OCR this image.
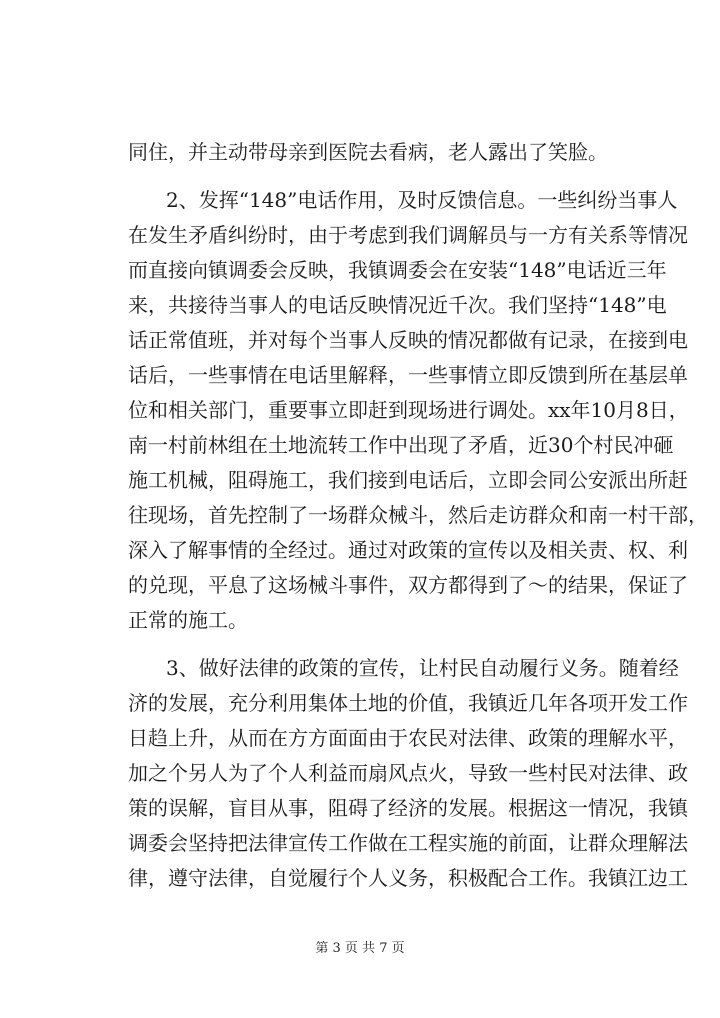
同住，并主动带母亲到医院去看病，老人露出了笑脸。
2、发挥“148”电话作用，及时反馈信息。一些纠纷当事人
在发生矛盾纠纷时，由于考虑到我们调解员与一方有关系等情况
而直接向镇调委会反映，我镇调委会在安装“148”电话近三年
来，共接待当事人的电话反映情况近千次。我们坚持“148”电
话正常值班，并对每个当事人反映的情况都做有记录，在接到电
话后，一些事情在电话里解释，一些事情立即反馈到所在基层单
位和相关部门，重要事立即赶到现场进行调处。xx年10月8日，
南一村前林组在土地流转工作中出现了矛盾，近30个村民冲砸
施工机械，阻碍施工，我们接到电话后，立即会同公安派出所赶
往现场，首先控制了一场群众械斗，然后走访群众和南一村干部，
深入了解事情的全经过。通过对政策的宣传以及相关责、权、利
的兑现，平息了这场械斗事件，双方都得到了～的结果，保证了
正常的施工。
3、做好法律的政策的宣传，让村民自动履行义务。随着经
济的发展，充分利用集体土地的价值，我镇近几年各项开发工作
日趋上升，从而在方方面面由于农民对法律、政策的理解水平，
加之个另人为了个人利益而扇风点火，导致一些村民对法律、政
策的误解，盲目从事，阻碍了经济的发展。根据这一情况，我镇
调委会坚持把法律宣传工作做在工程实施的前面，让群众理解法
律，遵守法律，自觉履行个人义务，积极配合工作。我镇江边工
第 3 页 共 7 页
